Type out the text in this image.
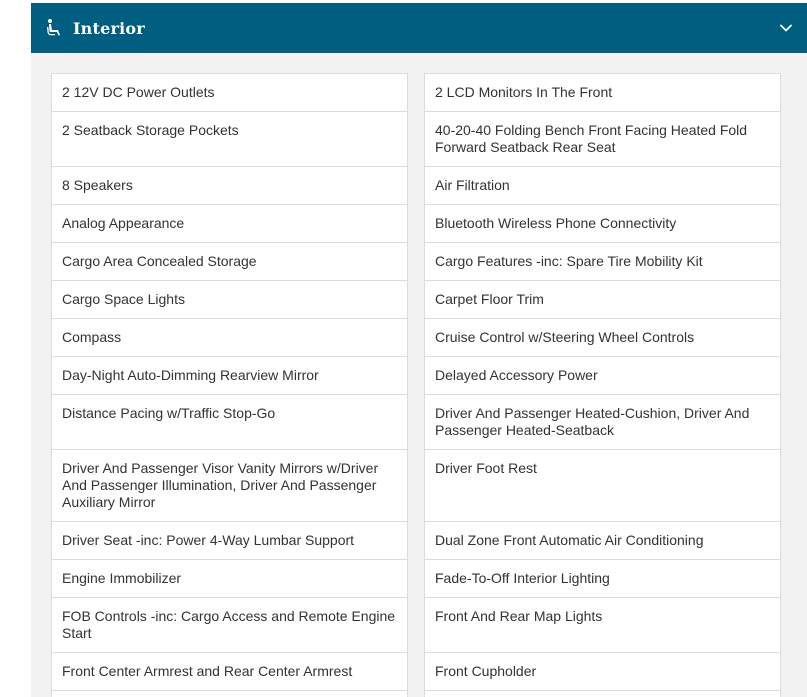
Interior
2 12V DC Power Outlets
2 Seatback Storage Pockets
8 Speakers
Analog Appearance
Cargo Area Concealed Storage
Cargo Space Lights
Compass
Day-Night Auto-Dimming Rearview Mirror
Distance Pacing w/Traffic Stop-Go
Driver And Passenger Visor Vanity Mirrors w/Driver And Passenger Illumination, Driver And Passenger Auxiliary Mirror
Driver Seat -inc: Power 4-Way Lumbar Support
Engine Immobilizer
FOB Controls -inc: Cargo Access and Remote Engine Start
Front Center Armrest and Rear Center Armrest
2 LCD Monitors In The Front
40-20-40 Folding Bench Front Facing Heated Fold Forward Seatback Rear Seat
Air Filtration
Bluetooth Wireless Phone Connectivity
Cargo Features -inc: Spare Tire Mobility Kit
Carpet Floor Trim
Cruise Control w/Steering Wheel Controls
Delayed Accessory Power
Driver And Passenger Heated-Cushion, Driver And Passenger Heated-Seatback
Driver Foot Rest
Dual Zone Front Automatic Air Conditioning
Fade-To-Off Interior Lighting
Front And Rear Map Lights
Front Cupholder
